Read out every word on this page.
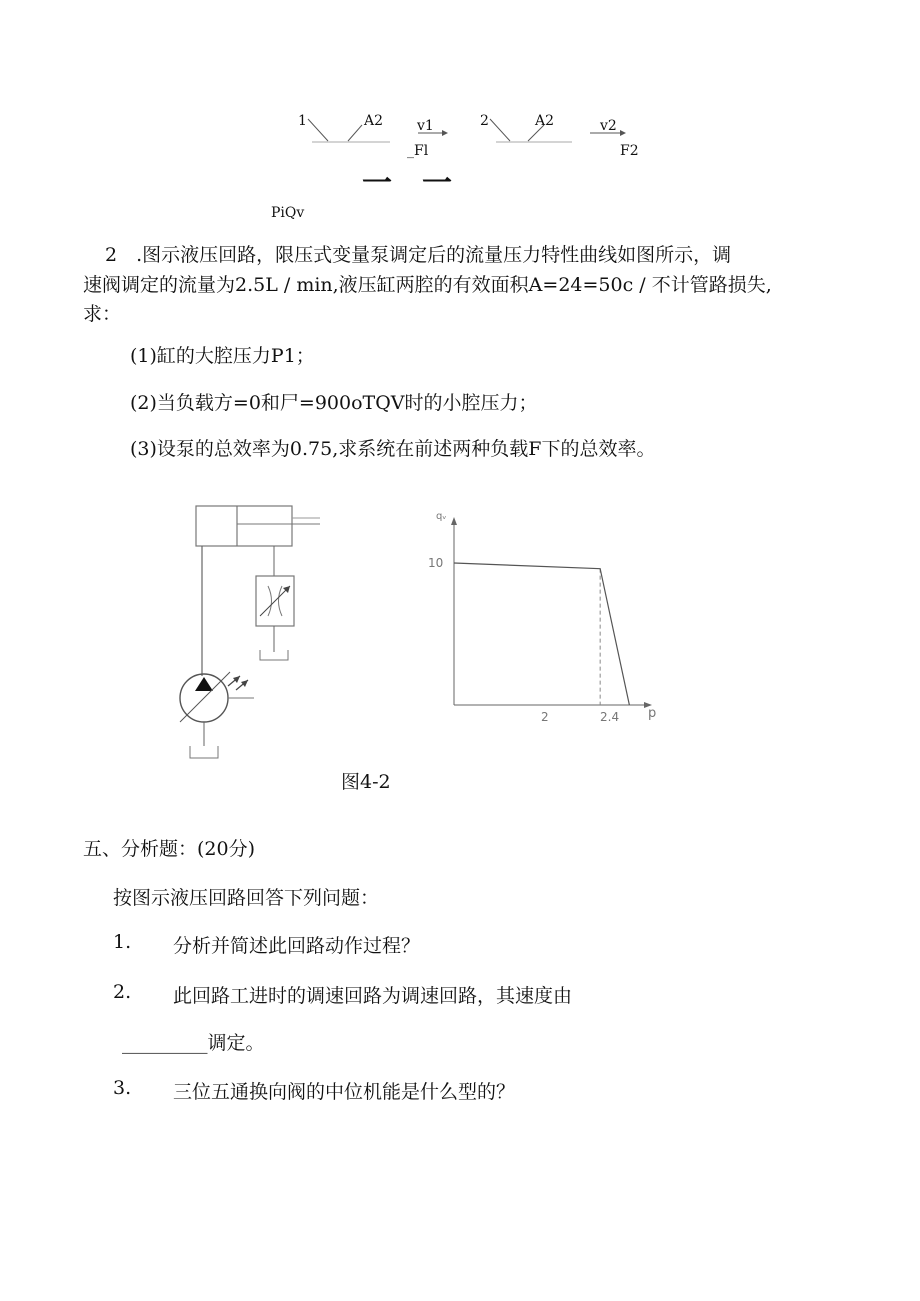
1	A2 v1
_Fl
2	A2	v2
F2
一　一
PiQv
2　.图示液压回路，限压式变量泵调定后的流量压力特性曲线如图所示，调
速阀调定的流量为2.5L / min,液压缸两腔的有效面积A=24=50c / 不计管路损失,
求：
(1)缸的大腔压力P1；
(2)当负载方=0和尸=900oTQV时的小腔压力；
(3)设泵的总效率为0.75,求系统在前述两种负载F下的总效率。
qᵥ
p
10
2	2.4
图4-2
五、分析题：(20分)
按图示液压回路回答下列问题：
1. 分析并简述此回路动作过程？
2. 此回路工进时的调速回路为调速回路，其速度由
_________调定。
3. 三位五通换向阀的中位机能是什么型的？
